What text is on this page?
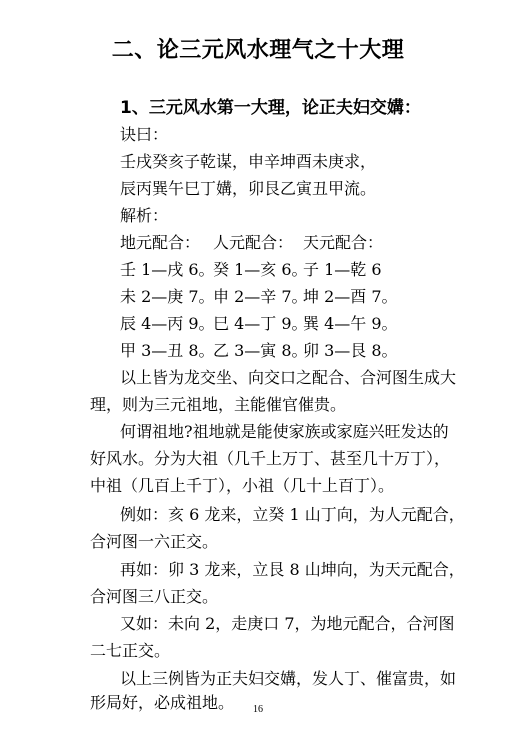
二、论三元风水理气之十大理
1、三元风水第一大理，论正夫妇交媾：
诀曰：
壬戌癸亥子乾谋，申辛坤酉未庚求，
辰丙巽午巳丁媾，卯艮乙寅丑甲流。
解析：
地元配合： 人元配合： 天元配合：
壬 1—戌 6。
癸 1—亥 6。
子 1—乾 6
未 2—庚 7。
申 2—辛 7。
坤 2—酉 7。
辰 4—丙 9。
巳 4—丁 9。
巽 4—午 9。
甲 3—丑 8。
乙 3—寅 8。
卯 3—艮 8。
以上皆为龙交坐、向交口之配合、合河图生成大
理，则为三元祖地，主能催官催贵。
何谓祖地?祖地就是能使家族或家庭兴旺发达的
好风水。分为大祖（几千上万丁、甚至几十万丁），
中祖（几百上千丁），小祖（几十上百丁）。
例如：亥 6 龙来，立癸 1 山丁向，为人元配合，
合河图一六正交。
再如：卯 3 龙来，立艮 8 山坤向，为天元配合，
合河图三八正交。
又如：未向 2，走庚口 7，为地元配合，合河图
二七正交。
以上三例皆为正夫妇交媾，发人丁、催富贵，如
形局好，必成祖地。	16
